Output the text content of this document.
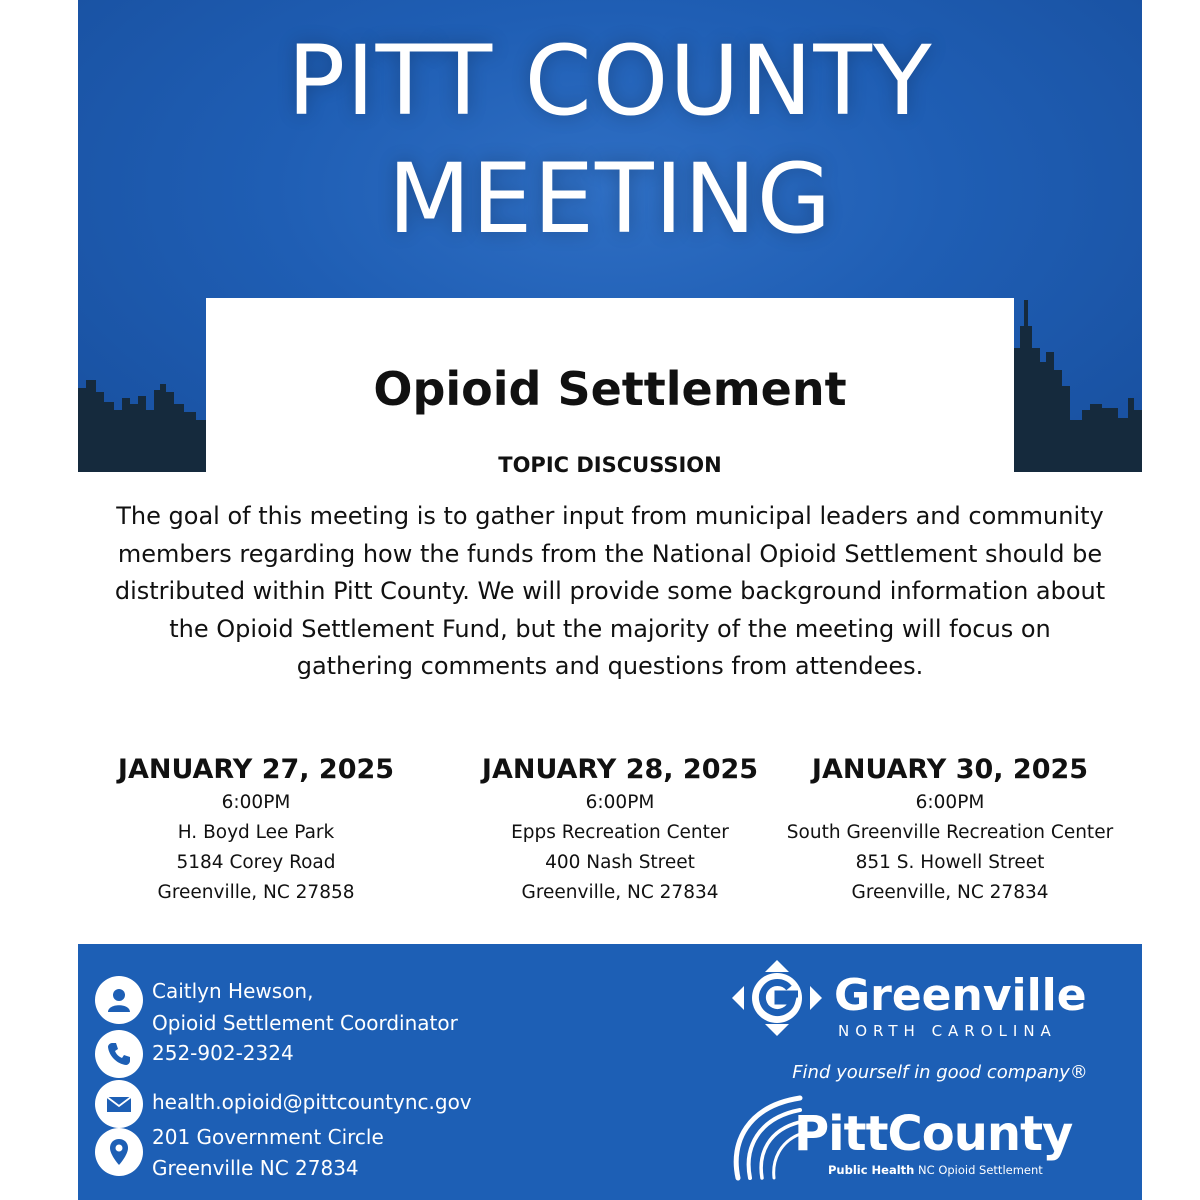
PITT COUNTY
MEETING
Opioid Settlement
TOPIC DISCUSSION
The goal of this meeting is to gather input from municipal leaders and community members regarding how the funds from the National Opioid Settlement should be distributed within Pitt County. We will provide some background information about the Opioid Settlement Fund, but the majority of the meeting will focus on gathering comments and questions from attendees.
JANUARY 27, 2025
6:00PM
H. Boyd Lee Park
5184 Corey Road
Greenville, NC 27858
JANUARY 28, 2025
6:00PM
Epps Recreation Center
400 Nash Street
Greenville, NC 27834
JANUARY 30, 2025
6:00PM
South Greenville Recreation Center
851 S. Howell Street
Greenville, NC 27834
Caitlyn Hewson,
Opioid Settlement Coordinator
252-902-2324
health.opioid@pittcountync.gov
201 Government Circle
Greenville NC 27834
Greenville
NORTH CAROLINA
Find yourself in good company®
PittCounty
Public Health NC Opioid Settlement
